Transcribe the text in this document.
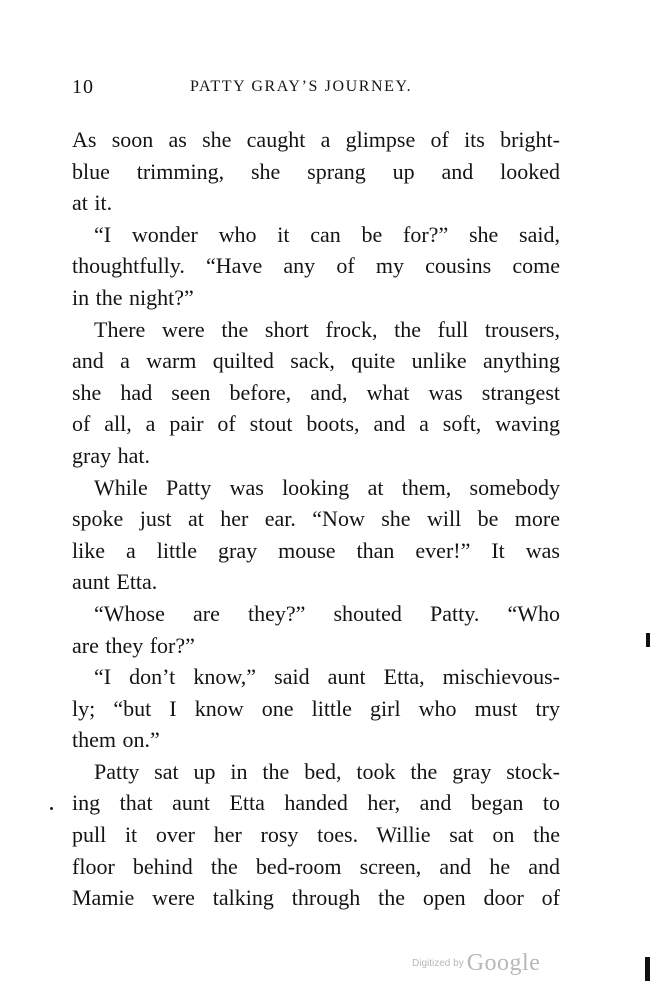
10	PATTY GRAY’S JOURNEY.
As soon as she caught a glimpse of its bright-
blue trimming, she sprang up and looked
at it.
“I wonder who it can be for?” she said,
thoughtfully. “Have any of my cousins come
in the night?”
There were the short frock, the full trousers,
and a warm quilted sack, quite unlike anything
she had seen before, and, what was strangest
of all, a pair of stout boots, and a soft, waving
gray hat.
While Patty was looking at them, somebody
spoke just at her ear. “Now she will be more
like a little gray mouse than ever!” It was
aunt Etta.
“Whose are they?” shouted Patty. “Who
are they for?”
“I don’t know,” said aunt Etta, mischievous-
ly; “but I know one little girl who must try
them on.”
Patty sat up in the bed, took the gray stock-
ing that aunt Etta handed her, and began to
pull it over her rosy toes. Willie sat on the
floor behind the bed-room screen, and he and
Mamie were talking through the open door of
Digitized by Google
